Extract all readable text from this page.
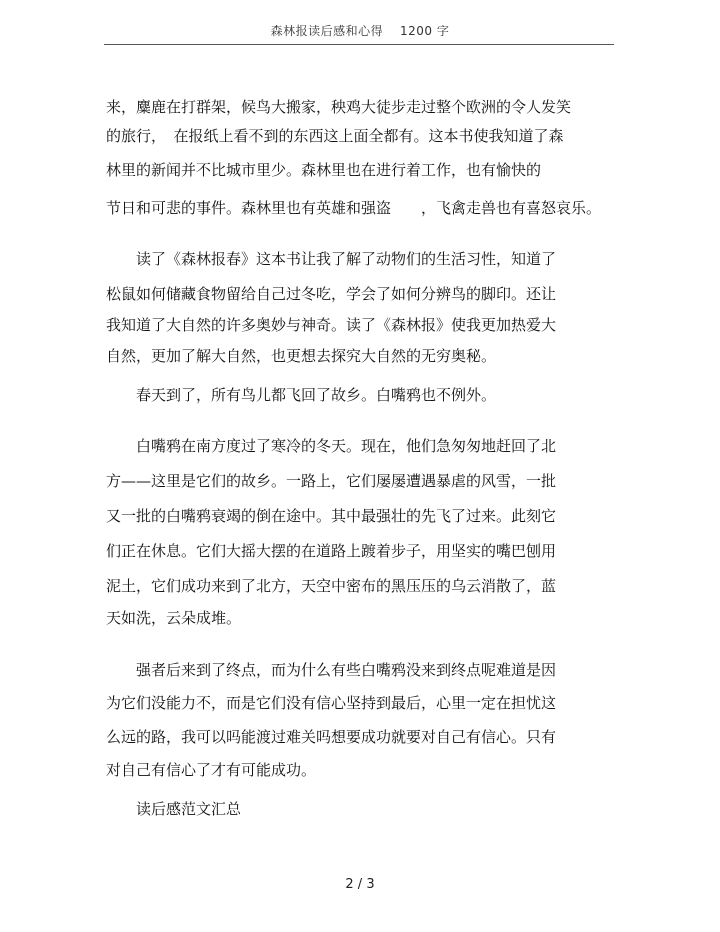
森林报读后感和心得　 1200 字
来，麋鹿在打群架，候鸟大搬家，秧鸡大徒步走过整个欧洲的令人发笑
的旅行，　在报纸上看不到的东西这上面全都有。这本书使我知道了森
林里的新闻并不比城市里少。森林里也在进行着工作，也有愉快的
节日和可悲的事件。森林里也有英雄和强盗　　，飞禽走兽也有喜怒哀乐。
　　读了《森林报春》这本书让我了解了动物们的生活习性，知道了
松鼠如何储藏食物留给自己过冬吃，学会了如何分辨鸟的脚印。还让
我知道了大自然的许多奥妙与神奇。读了《森林报》使我更加热爱大
自然，更加了解大自然，也更想去探究大自然的无穷奥秘。
　　春天到了，所有鸟儿都飞回了故乡。白嘴鸦也不例外。
　　白嘴鸦在南方度过了寒冷的冬天。现在，他们急匆匆地赶回了北
方——这里是它们的故乡。一路上，它们屡屡遭遇暴虐的风雪，一批
又一批的白嘴鸦衰竭的倒在途中。其中最强壮的先飞了过来。此刻它
们正在休息。它们大摇大摆的在道路上踱着步子，用坚实的嘴巴刨用
泥土，它们成功来到了北方，天空中密布的黑压压的乌云消散了，蓝
天如洗，云朵成堆。
　　强者后来到了终点，而为什么有些白嘴鸦没来到终点呢难道是因
为它们没能力不，而是它们没有信心坚持到最后，心里一定在担忧这
么远的路，我可以吗能渡过难关吗想要成功就要对自己有信心。只有
对自己有信心了才有可能成功。
　　读后感范文汇总
2 / 3
